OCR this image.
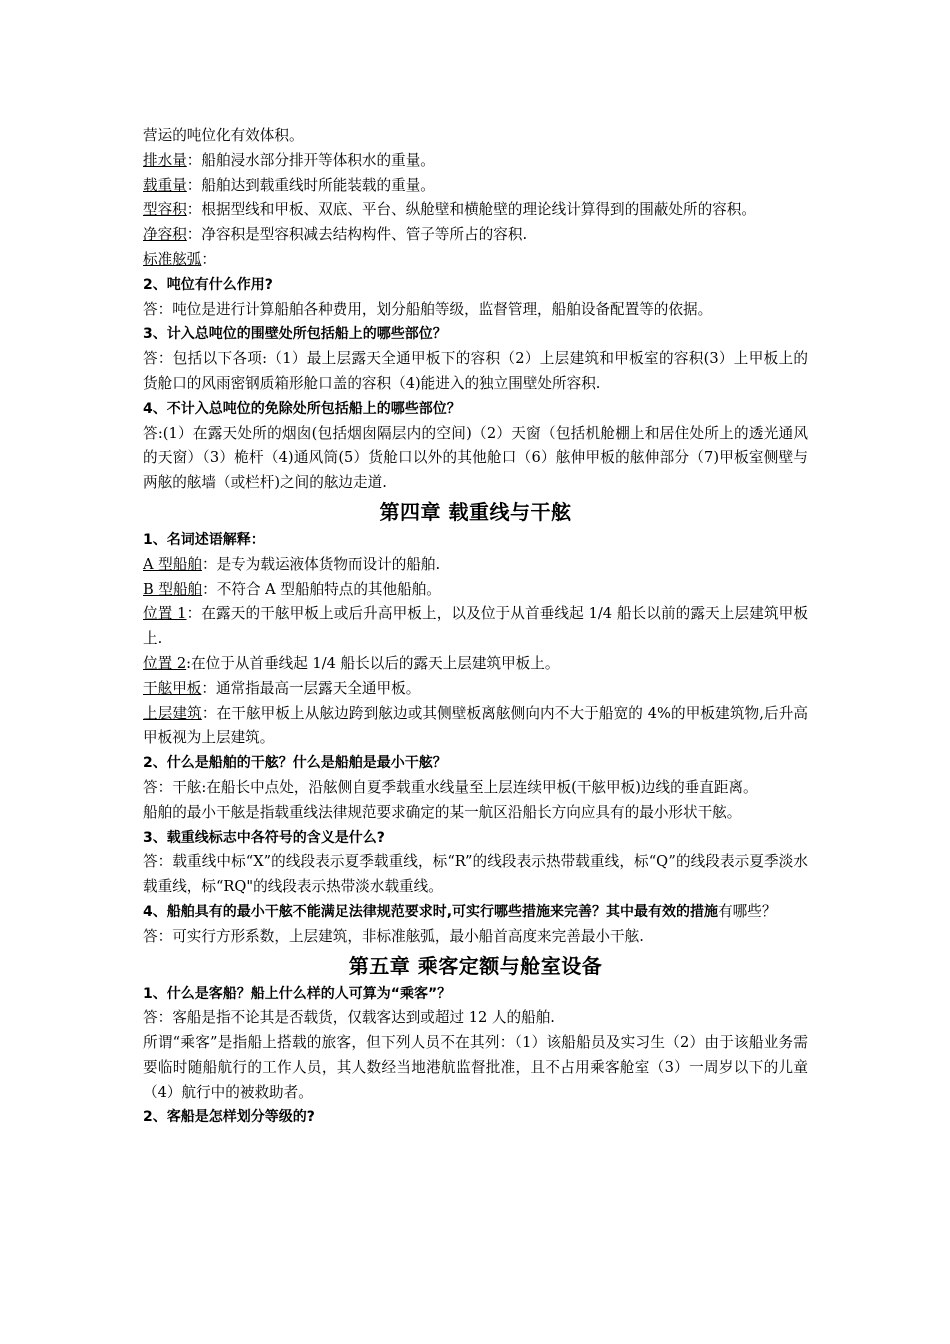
营运的吨位化有效体积。

排水量：船舶浸水部分排开等体积水的重量。

载重量：船舶达到载重线时所能装载的重量。

型容积：根据型线和甲板、双底、平台、纵舱壁和横舱壁的理论线计算得到的围蔽处所的容积。

净容积：净容积是型容积减去结构构件、管子等所占的容积.

标准舷弧：

2、吨位有什么作用?

答：吨位是进行计算船舶各种费用，划分船舶等级，监督管理，船舶设备配置等的依据。

3、计入总吨位的围壁处所包括船上的哪些部位？

答：包括以下各项:（1）最上层露天全通甲板下的容积（2）上层建筑和甲板室的容积(3）上甲板上的货舱口的风雨密钢质箱形舱口盖的容积（4)能进入的独立围壁处所容积.

4、不计入总吨位的免除处所包括船上的哪些部位？

答:(1）在露天处所的烟囱(包括烟囱隔层内的空间)（2）天窗（包括机舱棚上和居住处所上的透光通风的天窗）（3）桅杆（4)通风筒(5）货舱口以外的其他舱口（6）舷伸甲板的舷伸部分（7)甲板室侧壁与两舷的舷墙（或栏杆)之间的舷边走道.

第四章 载重线与干舷

1、名词述语解释：

A 型船舶：是专为载运液体货物而设计的船舶.

B 型船舶：不符合 A 型船舶特点的其他船舶。

位置 1：在露天的干舷甲板上或后升高甲板上，以及位于从首垂线起 1/4 船长以前的露天上层建筑甲板上.

位置 2:在位于从首垂线起 1/4 船长以后的露天上层建筑甲板上。

干舷甲板：通常指最高一层露天全通甲板。

上层建筑：在干舷甲板上从舷边跨到舷边或其侧壁板离舷侧向内不大于船宽的 4%的甲板建筑物,后升高甲板视为上层建筑。

2、什么是船舶的干舷？什么是船舶是最小干舷？

答：干舷:在船长中点处，沿舷侧自夏季载重水线量至上层连续甲板(干舷甲板)边线的垂直距离。

船舶的最小干舷是指载重线法律规范要求确定的某一航区沿船长方向应具有的最小形状干舷。

3、载重线标志中各符号的含义是什么?

答：载重线中标“X”的线段表示夏季载重线，标“R”的线段表示热带载重线，标“Q”的线段表示夏季淡水载重线，标“RQ"的线段表示热带淡水载重线。

4、船舶具有的最小干舷不能满足法律规范要求时,可实行哪些措施来完善？其中最有效的措施有哪些？

答：可实行方形系数，上层建筑，非标准舷弧，最小船首高度来完善最小干舷.

第五章 乘客定额与舱室设备

1、什么是客船？船上什么样的人可算为“乘客”？

答：客船是指不论其是否载货，仅载客达到或超过 12 人的船舶.

所谓“乘客”是指船上搭载的旅客，但下列人员不在其列：（1）该船船员及实习生（2）由于该船业务需要临时随船航行的工作人员，其人数经当地港航监督批准，且不占用乘客舱室（3）一周岁以下的儿童（4）航行中的被救助者。

2、客船是怎样划分等级的?
